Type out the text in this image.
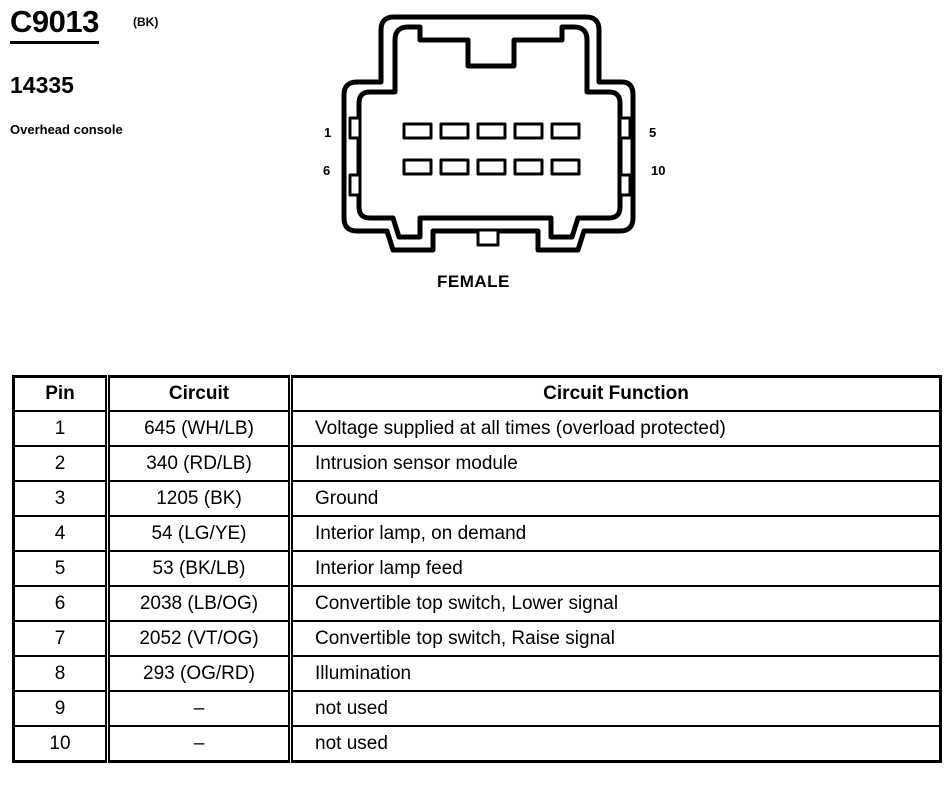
C9013	(BK)
14335
Overhead console	1
6
5
10
FEMALE
Pin	Circuit	Circuit Function
1	645 (WH/LB)	Voltage supplied at all times (overload protected)
2	340 (RD/LB)	Intrusion sensor module
3	1205 (BK)	Ground
4	54 (LG/YE)	Interior lamp, on demand
5	53 (BK/LB)	Interior lamp feed
6	2038 (LB/OG)	Convertible top switch, Lower signal
7	2052 (VT/OG)	Convertible top switch, Raise signal
8	293 (OG/RD)	Illumination
9	–	not used
10	–	not used
